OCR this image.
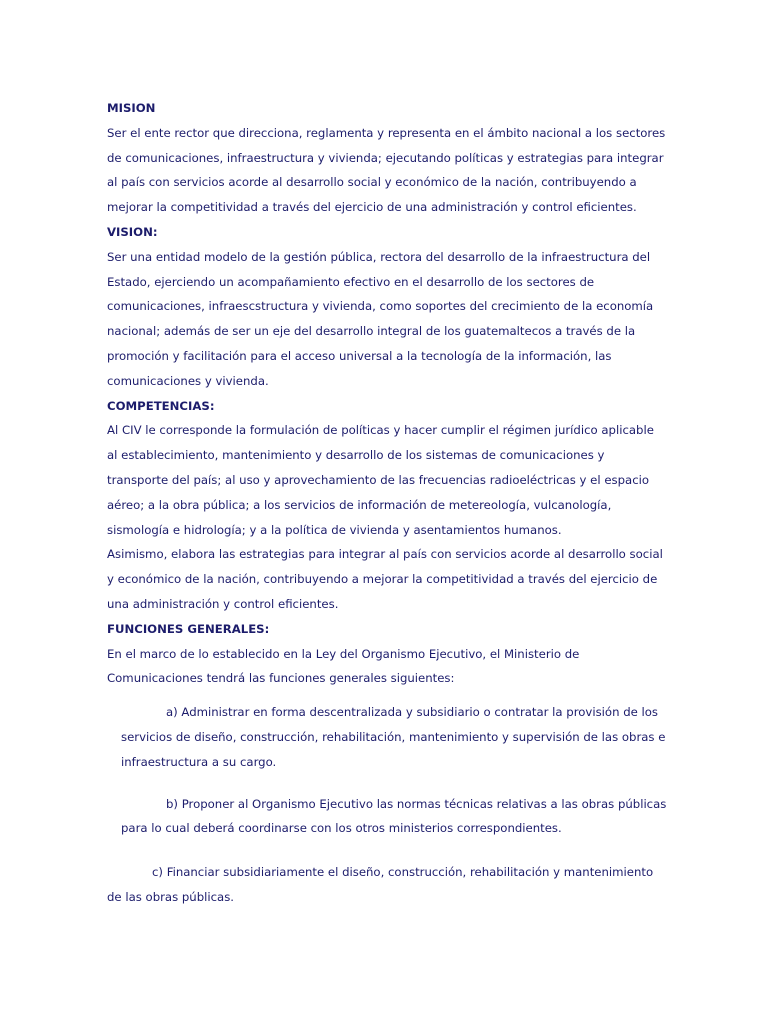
MISION

Ser el ente rector que direcciona, reglamenta y representa en el ámbito nacional a los sectores de comunicaciones, infraestructura y vivienda; ejecutando políticas y estrategias para integrar al país con servicios acorde al desarrollo social y económico de la nación, contribuyendo a mejorar la competitividad a través del ejercicio de una administración y control eficientes.

VISION:

Ser una entidad modelo de la gestión pública, rectora del desarrollo de la infraestructura del Estado, ejerciendo un acompañamiento efectivo en el desarrollo de los sectores de comunicaciones, infraescstructura y vivienda, como soportes del crecimiento de la economía nacional; además de ser un eje del desarrollo integral de los guatemaltecos a través de la promoción y facilitación para el acceso universal a la tecnología de la información, las comunicaciones y vivienda.

COMPETENCIAS:

Al CIV le corresponde la formulación de políticas y hacer cumplir el régimen jurídico aplicable al establecimiento, mantenimiento y desarrollo de los sistemas de comunicaciones y transporte del país; al uso y aprovechamiento de las frecuencias radioeléctricas y el espacio aéreo; a la obra pública; a los servicios de información de metereología, vulcanología, sismología e hidrología; y a la política de vivienda y asentamientos humanos.

Asimismo, elabora las estrategias para integrar al país con servicios acorde al desarrollo social y económico de la nación, contribuyendo a mejorar la competitividad a través del ejercicio de una administración y control eficientes.

FUNCIONES GENERALES:

En el marco de lo establecido en la Ley del Organismo Ejecutivo, el Ministerio de Comunicaciones tendrá las funciones generales siguientes:

a) Administrar en forma descentralizada y subsidiario o contratar la provisión de los servicios de diseño, construcción, rehabilitación, mantenimiento y supervisión de las obras e infraestructura a su cargo.

b) Proponer al Organismo Ejecutivo las normas técnicas relativas a las obras públicas para lo cual deberá coordinarse con los otros ministerios correspondientes.

c) Financiar subsidiariamente el diseño, construcción, rehabilitación y mantenimiento de las obras públicas.
